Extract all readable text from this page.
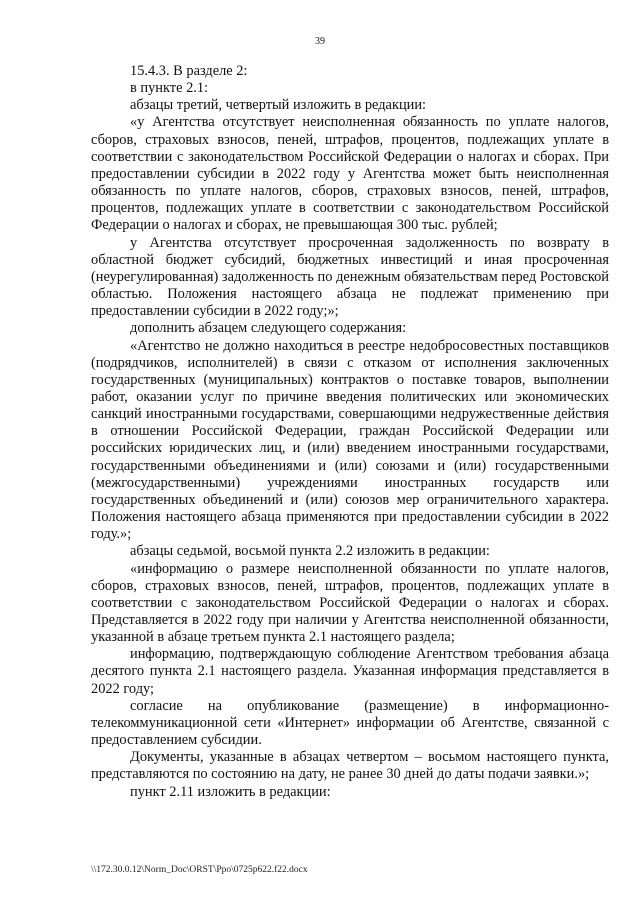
39

15.4.3. В разделе 2:

в пункте 2.1:

абзацы третий, четвертый изложить в редакции:

«у Агентства отсутствует неисполненная обязанность по уплате налогов, сборов, страховых взносов, пеней, штрафов, процентов, подлежащих уплате в соответствии с законодательством Российской Федерации о налогах и сборах. При предоставлении субсидии в 2022 году у Агентства может быть неисполненная обязанность по уплате налогов, сборов, страховых взносов, пеней, штрафов, процентов, подлежащих уплате в соответствии с законодательством Российской Федерации о налогах и сборах, не превышающая 300 тыс. рублей;

у Агентства отсутствует просроченная задолженность по возврату в областной бюджет субсидий, бюджетных инвестиций и иная просроченная (неурегулированная) задолженность по денежным обязательствам перед Ростовской областью. Положения настоящего абзаца не подлежат применению при предоставлении субсидии в 2022 году;»;

дополнить абзацем следующего содержания:

«Агентство не должно находиться в реестре недобросовестных поставщиков (подрядчиков, исполнителей) в связи с отказом от исполнения заключенных государственных (муниципальных) контрактов о поставке товаров, выполнении работ, оказании услуг по причине введения политических или экономических санкций иностранными государствами, совершающими недружественные действия в отношении Российской Федерации, граждан Российской Федерации или российских юридических лиц, и (или) введением иностранными государствами, государственными объединениями и (или) союзами и (или) государственными (межгосударственными) учреждениями иностранных государств или государственных объединений и (или) союзов мер ограничительного характера. Положения настоящего абзаца применяются при предоставлении субсидии в 2022 году.»;

абзацы седьмой, восьмой пункта 2.2 изложить в редакции:

«информацию о размере неисполненной обязанности по уплате налогов, сборов, страховых взносов, пеней, штрафов, процентов, подлежащих уплате в соответствии с законодательством Российской Федерации о налогах и сборах. Представляется в 2022 году при наличии у Агентства неисполненной обязанности, указанной в абзаце третьем пункта 2.1 настоящего раздела;

информацию, подтверждающую соблюдение Агентством требования абзаца десятого пункта 2.1 настоящего раздела. Указанная информация представляется в 2022 году;

согласие на опубликование (размещение) в информационно-телекоммуникационной сети «Интернет» информации об Агентстве, связанной с предоставлением субсидии.

Документы, указанные в абзацах четвертом – восьмом настоящего пункта, представляются по состоянию на дату, не ранее 30 дней до даты подачи заявки.»;

пункт 2.11 изложить в редакции:

\\172.30.0.12\Norm_Doc\ORST\Ppo\0725p622.f22.docx
